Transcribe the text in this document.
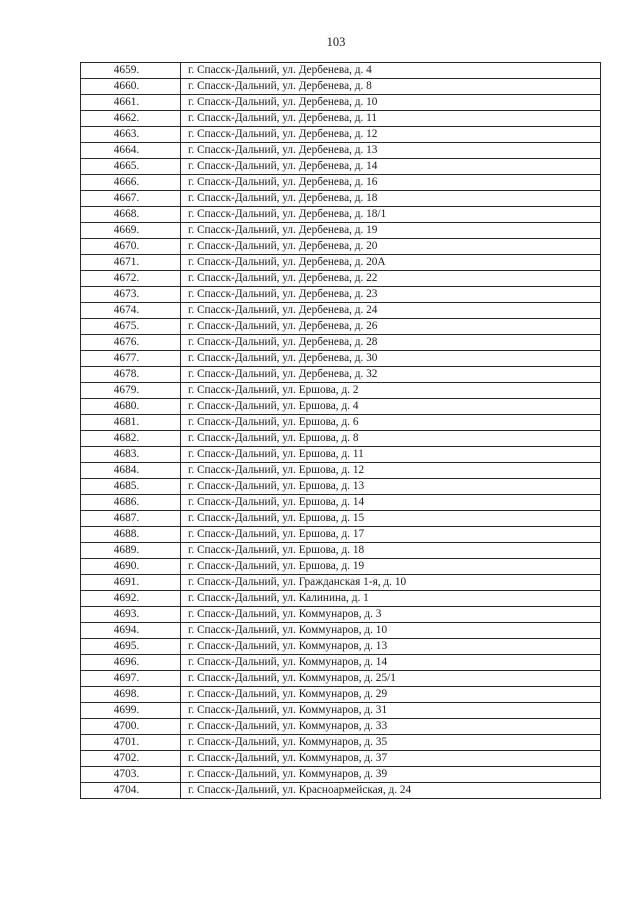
103
4659.	г. Спасск-Дальний, ул. Дербенева, д. 4
4660.	г. Спасск-Дальний, ул. Дербенева, д. 8
4661.	г. Спасск-Дальний, ул. Дербенева, д. 10
4662.	г. Спасск-Дальний, ул. Дербенева, д. 11
4663.	г. Спасск-Дальний, ул. Дербенева, д. 12
4664.	г. Спасск-Дальний, ул. Дербенева, д. 13
4665.	г. Спасск-Дальний, ул. Дербенева, д. 14
4666.	г. Спасск-Дальний, ул. Дербенева, д. 16
4667.	г. Спасск-Дальний, ул. Дербенева, д. 18
4668.	г. Спасск-Дальний, ул. Дербенева, д. 18/1
4669.	г. Спасск-Дальний, ул. Дербенева, д. 19
4670.	г. Спасск-Дальний, ул. Дербенева, д. 20
4671.	г. Спасск-Дальний, ул. Дербенева, д. 20А
4672.	г. Спасск-Дальний, ул. Дербенева, д. 22
4673.	г. Спасск-Дальний, ул. Дербенева, д. 23
4674.	г. Спасск-Дальний, ул. Дербенева, д. 24
4675.	г. Спасск-Дальний, ул. Дербенева, д. 26
4676.	г. Спасск-Дальний, ул. Дербенева, д. 28
4677.	г. Спасск-Дальний, ул. Дербенева, д. 30
4678.	г. Спасск-Дальний, ул. Дербенева, д. 32
4679.	г. Спасск-Дальний, ул. Ершова, д. 2
4680.	г. Спасск-Дальний, ул. Ершова, д. 4
4681.	г. Спасск-Дальний, ул. Ершова, д. 6
4682.	г. Спасск-Дальний, ул. Ершова, д. 8
4683.	г. Спасск-Дальний, ул. Ершова, д. 11
4684.	г. Спасск-Дальний, ул. Ершова, д. 12
4685.	г. Спасск-Дальний, ул. Ершова, д. 13
4686.	г. Спасск-Дальний, ул. Ершова, д. 14
4687.	г. Спасск-Дальний, ул. Ершова, д. 15
4688.	г. Спасск-Дальний, ул. Ершова, д. 17
4689.	г. Спасск-Дальний, ул. Ершова, д. 18
4690.	г. Спасск-Дальний, ул. Ершова, д. 19
4691.	г. Спасск-Дальний, ул. Гражданская 1-я, д. 10
4692.	г. Спасск-Дальний, ул. Калинина, д. 1
4693.	г. Спасск-Дальний, ул. Коммунаров, д. 3
4694.	г. Спасск-Дальний, ул. Коммунаров, д. 10
4695.	г. Спасск-Дальний, ул. Коммунаров, д. 13
4696.	г. Спасск-Дальний, ул. Коммунаров, д. 14
4697.	г. Спасск-Дальний, ул. Коммунаров, д. 25/1
4698.	г. Спасск-Дальний, ул. Коммунаров, д. 29
4699.	г. Спасск-Дальний, ул. Коммунаров, д. 31
4700.	г. Спасск-Дальний, ул. Коммунаров, д. 33
4701.	г. Спасск-Дальний, ул. Коммунаров, д. 35
4702.	г. Спасск-Дальний, ул. Коммунаров, д. 37
4703.	г. Спасск-Дальний, ул. Коммунаров, д. 39
4704.	г. Спасск-Дальний, ул. Красноармейская, д. 24
